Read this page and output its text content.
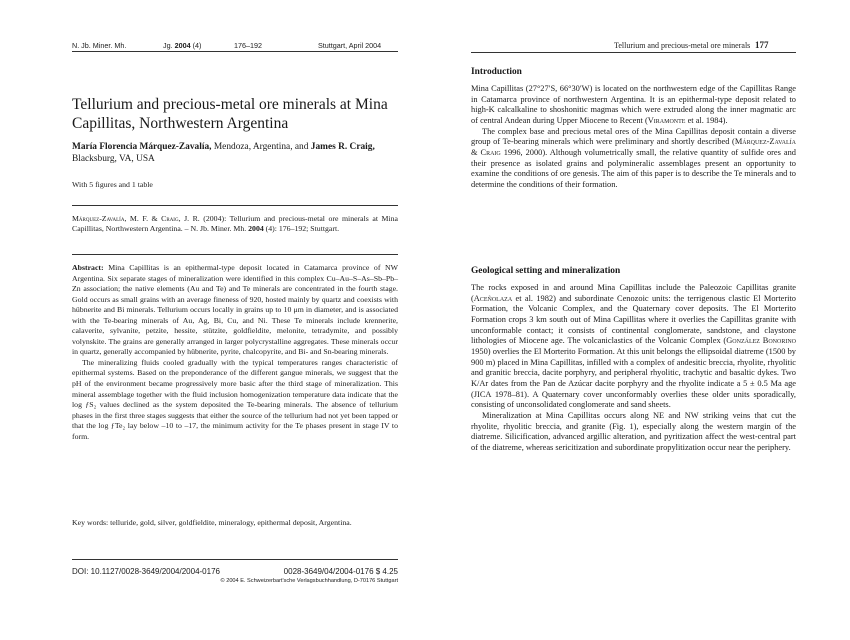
N. Jb. Miner. Mh.	Jg. 2004 (4)	176–192	Stuttgart, April 2004
Tellurium and precious-metal ore minerals at Mina Capillitas, Northwestern Argentina

María Florencia Márquez-Zavalía, Mendoza, Argentina, and James R. Craig, Blacksburg, VA, USA

With 5 figures and 1 table

Márquez-Zavalía, M. F. & Craig, J. R. (2004): Tellurium and precious-metal ore minerals at Mina Capillitas, Northwestern Argentina. – N. Jb. Miner. Mh. 2004 (4): 176–192; Stuttgart.

Abstract: Mina Capillitas is an epithermal-type deposit located in Catamarca province of NW Argentina. Six separate stages of mineralization were identified in this complex Cu–Au–S–As–Sb–Pb–Zn association; the native elements (Au and Te) and Te minerals are concentrated in the fourth stage. Gold occurs as small grains with an average fineness of 920, hosted mainly by quartz and coexists with hübnerite and Bi minerals. Tellurium occurs locally in grains up to 10 μm in diameter, and is associated with the Te-bearing minerals of Au, Ag, Bi, Cu, and Ni. These Te minerals include krennerite, calaverite, sylvanite, petzite, hessite, stützite, goldfieldite, melonite, tetradymite, and possibly volynskite. The grains are generally arranged in larger polycrystalline aggregates. These minerals occur in quartz, generally accompanied by hübnerite, pyrite, chalcopyrite, and Bi- and Sn-bearing minerals.

The mineralizing fluids cooled gradually with the typical temperatures ranges characteristic of epithermal systems. Based on the preponderance of the different gangue minerals, we suggest that the pH of the environment became progressively more basic after the third stage of mineralization. This mineral assemblage together with the fluid inclusion homogenization temperature data indicate that the log ƒS₂ values declined as the system deposited the Te-bearing minerals. The absence of tellurium phases in the first three stages suggests that either the source of the tellurium had not yet been tapped or that the log ƒTe₂ lay below –10 to –17, the minimum activity for the Te phases present in stage IV to form.

Key words: telluride, gold, silver, goldfieldite, mineralogy, epithermal deposit, Argentina.

DOI: 10.1127/0028-3649/2004/2004-0176	0028-3649/04/2004-0176 $ 4.25
© 2004 E. Schweizerbart'sche Verlagsbuchhandlung, D-70176 Stuttgart
Tellurium and precious-metal ore minerals 177
Introduction

Mina Capillitas (27°27′S, 66°30′W) is located on the northwestern edge of the Capillitas Range in Catamarca province of northwestern Argentina. It is an epithermal-type deposit related to high-K calcalkaline to shoshonitic magmas which were extruded along the inner magmatic arc of central Andean during Upper Miocene to Recent (Viramonte et al. 1984).

The complex base and precious metal ores of the Mina Capillitas deposit contain a diverse group of Te-bearing minerals which were preliminary and shortly described (Márquez-Zavalía & Craig 1996, 2000). Although volumetrically small, the relative quantity of sulfide ores and their presence as isolated grains and polymineralic assemblages present an opportunity to examine the conditions of ore genesis. The aim of this paper is to describe the Te minerals and to determine the conditions of their formation.

Geological setting and mineralization

The rocks exposed in and around Mina Capillitas include the Paleozoic Capillitas granite (Aceñolaza et al. 1982) and subordinate Cenozoic units: the terrigenous clastic El Morterito Formation, the Volcanic Complex, and the Quaternary cover deposits. The El Morterito Formation crops 3 km south out of Mina Capillitas where it overlies the Capillitas granite with unconformable contact; it consists of continental conglomerate, sandstone, and claystone lithologies of Miocene age. The volcaniclastics of the Volcanic Complex (González Bonorino 1950) overlies the El Morterito Formation. At this unit belongs the ellipsoidal diatreme (1500 by 900 m) placed in Mina Capillitas, infilled with a complex of andesitic breccia, rhyolite, rhyolitic and granitic breccia, dacite porphyry, and peripheral rhyolitic, trachytic and basaltic dykes. Two K/Ar dates from the Pan de Azúcar dacite porphyry and the rhyolite indicate a 5 ± 0.5 Ma age (JICA 1978–81). A Quaternary cover unconformably overlies these older units sporadically, consisting of unconsolidated conglomerate and sand sheets.

Mineralization at Mina Capillitas occurs along NE and NW striking veins that cut the rhyolite, rhyolitic breccia, and granite (Fig. 1), especially along the western margin of the diatreme. Silicification, advanced argillic alteration, and pyritization affect the west-central part of the diatreme, whereas sericitization and subordinate propylitization occur near the periphery.
